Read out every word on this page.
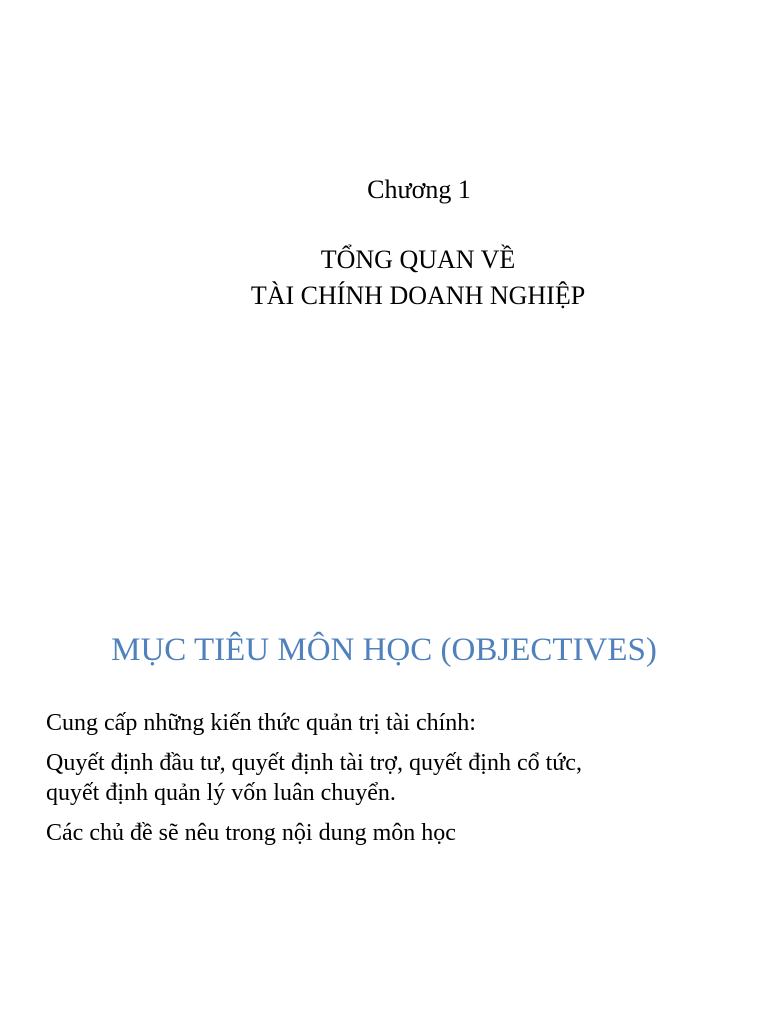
Chương 1
TỔNG QUAN VỀ
TÀI CHÍNH DOANH NGHIỆP
MỤC TIÊU MÔN HỌC (OBJECTIVES)
Cung cấp những kiến thức quản trị tài chính:
Quyết định đầu tư, quyết định tài trợ, quyết định cổ tức,
quyết định quản lý vốn luân chuyển.
Các chủ đề sẽ nêu trong nội dung môn học
